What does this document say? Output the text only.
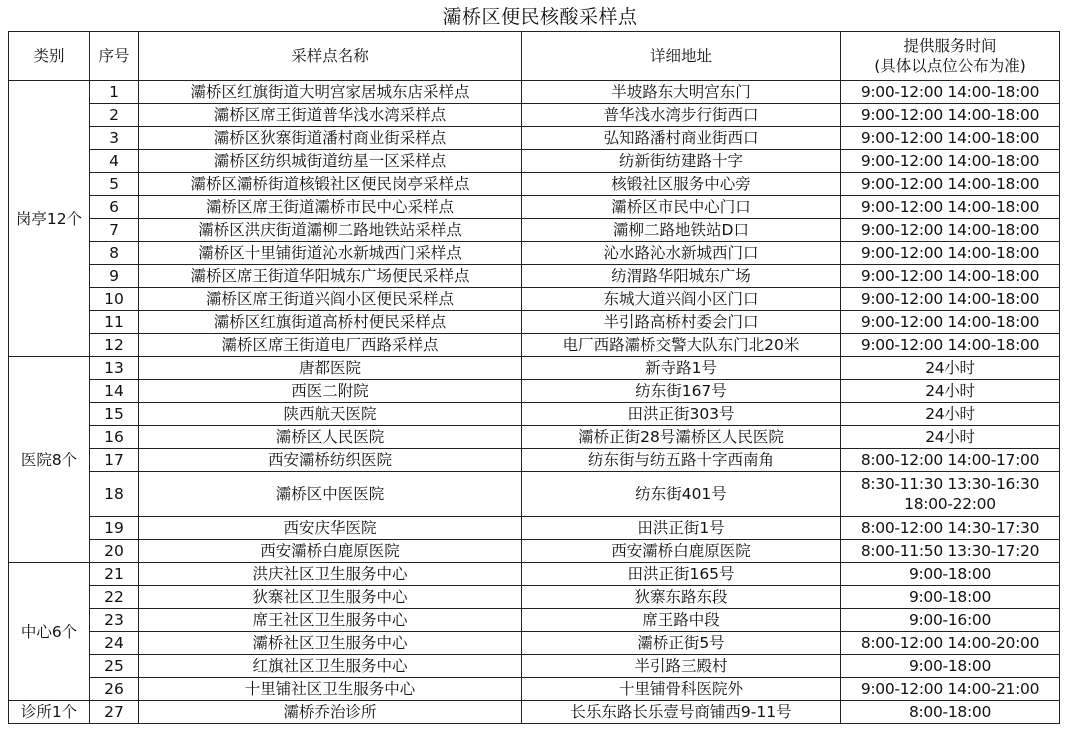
灞桥区便民核酸采样点
类别	序号	采样点名称	详细地址	提供服务时间
(具体以点位公布为准)

岗亭12个	1	灞桥区红旗街道大明宫家居城东店采样点	半坡路东大明宫东门	9:00-12:00 14:00-18:00
	2	灞桥区席王街道普华浅水湾采样点	普华浅水湾步行街西口	9:00-12:00 14:00-18:00
	3	灞桥区狄寨街道潘村商业街采样点	弘知路潘村商业街西口	9:00-12:00 14:00-18:00
	4	灞桥区纺织城街道纺星一区采样点	纺新街纺建路十字	9:00-12:00 14:00-18:00
	5	灞桥区灞桥街道核锻社区便民岗亭采样点	核锻社区服务中心旁	9:00-12:00 14:00-18:00
	6	灞桥区席王街道灞桥市民中心采样点	灞桥区市民中心门口	9:00-12:00 14:00-18:00
	7	灞桥区洪庆街道灞柳二路地铁站采样点	灞柳二路地铁站D口	9:00-12:00 14:00-18:00
	8	灞桥区十里铺街道沁水新城西门采样点	沁水路沁水新城西门口	9:00-12:00 14:00-18:00
	9	灞桥区席王街道华阳城东广场便民采样点	纺渭路华阳城东广场	9:00-12:00 14:00-18:00
	10	灞桥区席王街道兴阎小区便民采样点	东城大道兴阎小区门口	9:00-12:00 14:00-18:00
	11	灞桥区红旗街道高桥村便民采样点	半引路高桥村委会门口	9:00-12:00 14:00-18:00
	12	灞桥区席王街道电厂西路采样点	电厂西路灞桥交警大队东门北20米	9:00-12:00 14:00-18:00
医院8个	13	唐都医院	新寺路1号	24小时
	14	西医二附院	纺东街167号	24小时
	15	陕西航天医院	田洪正街303号	24小时
	16	灞桥区人民医院	灞桥正街28号灞桥区人民医院	24小时
	17	西安灞桥纺织医院	纺东街与纺五路十字西南角	8:00-12:00 14:00-17:00
	18	灞桥区中医医院	纺东街401号	8:30-11:30 13:30-16:30
18:00-22:00

	19	西安庆华医院	田洪正街1号	8:00-12:00 14:30-17:30
	20	西安灞桥白鹿原医院	西安灞桥白鹿原医院	8:00-11:50 13:30-17:20
中心6个	21	洪庆社区卫生服务中心	田洪正街165号	9:00-18:00
	22	狄寨社区卫生服务中心	狄寨东路东段	9:00-18:00
	23	席王社区卫生服务中心	席王路中段	9:00-16:00
	24	灞桥社区卫生服务中心	灞桥正街5号	8:00-12:00 14:00-20:00
	25	红旗社区卫生服务中心	半引路三殿村	9:00-18:00
	26	十里铺社区卫生服务中心	十里铺骨科医院外	9:00-12:00 14:00-21:00
诊所1个	27	灞桥乔治诊所	长乐东路长乐壹号商铺西9-11号	8:00-18:00
